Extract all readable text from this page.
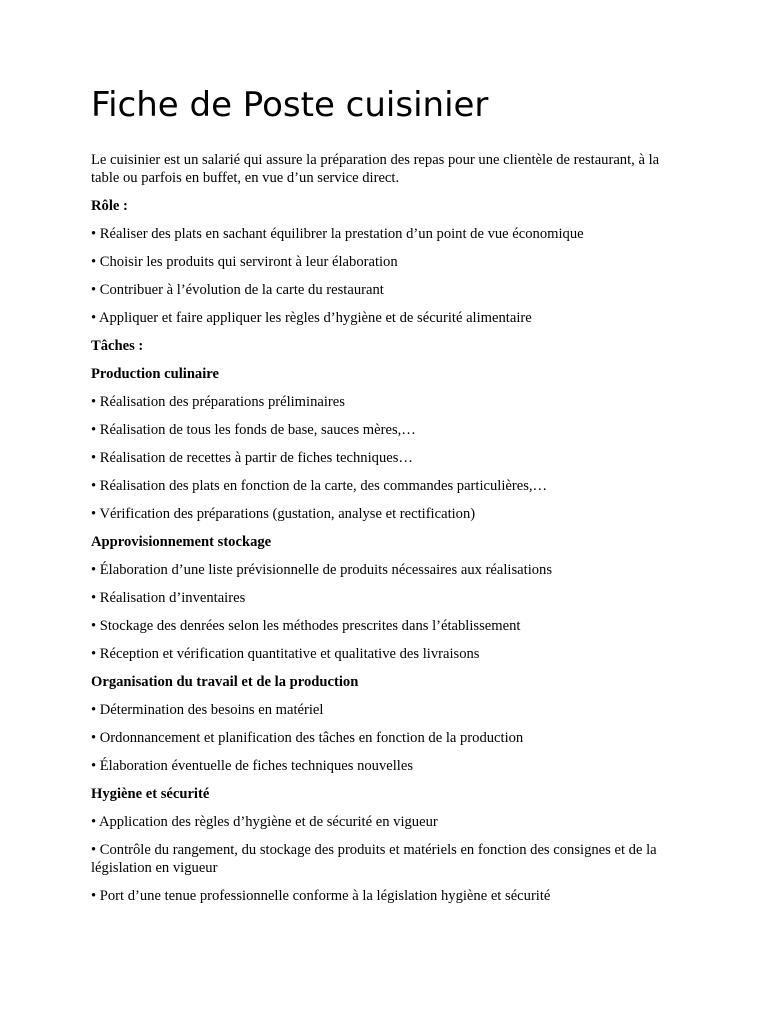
Fiche de Poste cuisinier

Le cuisinier est un salarié qui assure la préparation des repas pour une clientèle de restaurant, à la table ou parfois en buffet, en vue d’un service direct.

Rôle :

• Réaliser des plats en sachant équilibrer la prestation d’un point de vue économique

• Choisir les produits qui serviront à leur élaboration

• Contribuer à l’évolution de la carte du restaurant

• Appliquer et faire appliquer les règles d’hygiène et de sécurité alimentaire

Tâches :

Production culinaire

• Réalisation des préparations préliminaires

• Réalisation de tous les fonds de base, sauces mères,…

• Réalisation de recettes à partir de fiches techniques…

• Réalisation des plats en fonction de la carte, des commandes particulières,…

• Vérification des préparations (gustation, analyse et rectification)

Approvisionnement stockage

• Élaboration d’une liste prévisionnelle de produits nécessaires aux réalisations

• Réalisation d’inventaires

• Stockage des denrées selon les méthodes prescrites dans l’établissement

• Réception et vérification quantitative et qualitative des livraisons

Organisation du travail et de la production

• Détermination des besoins en matériel

• Ordonnancement et planification des tâches en fonction de la production

• Élaboration éventuelle de fiches techniques nouvelles

Hygiène et sécurité

• Application des règles d’hygiène et de sécurité en vigueur

• Contrôle du rangement, du stockage des produits et matériels en fonction des consignes et de la législation en vigueur

• Port d’une tenue professionnelle conforme à la législation hygiène et sécurité
